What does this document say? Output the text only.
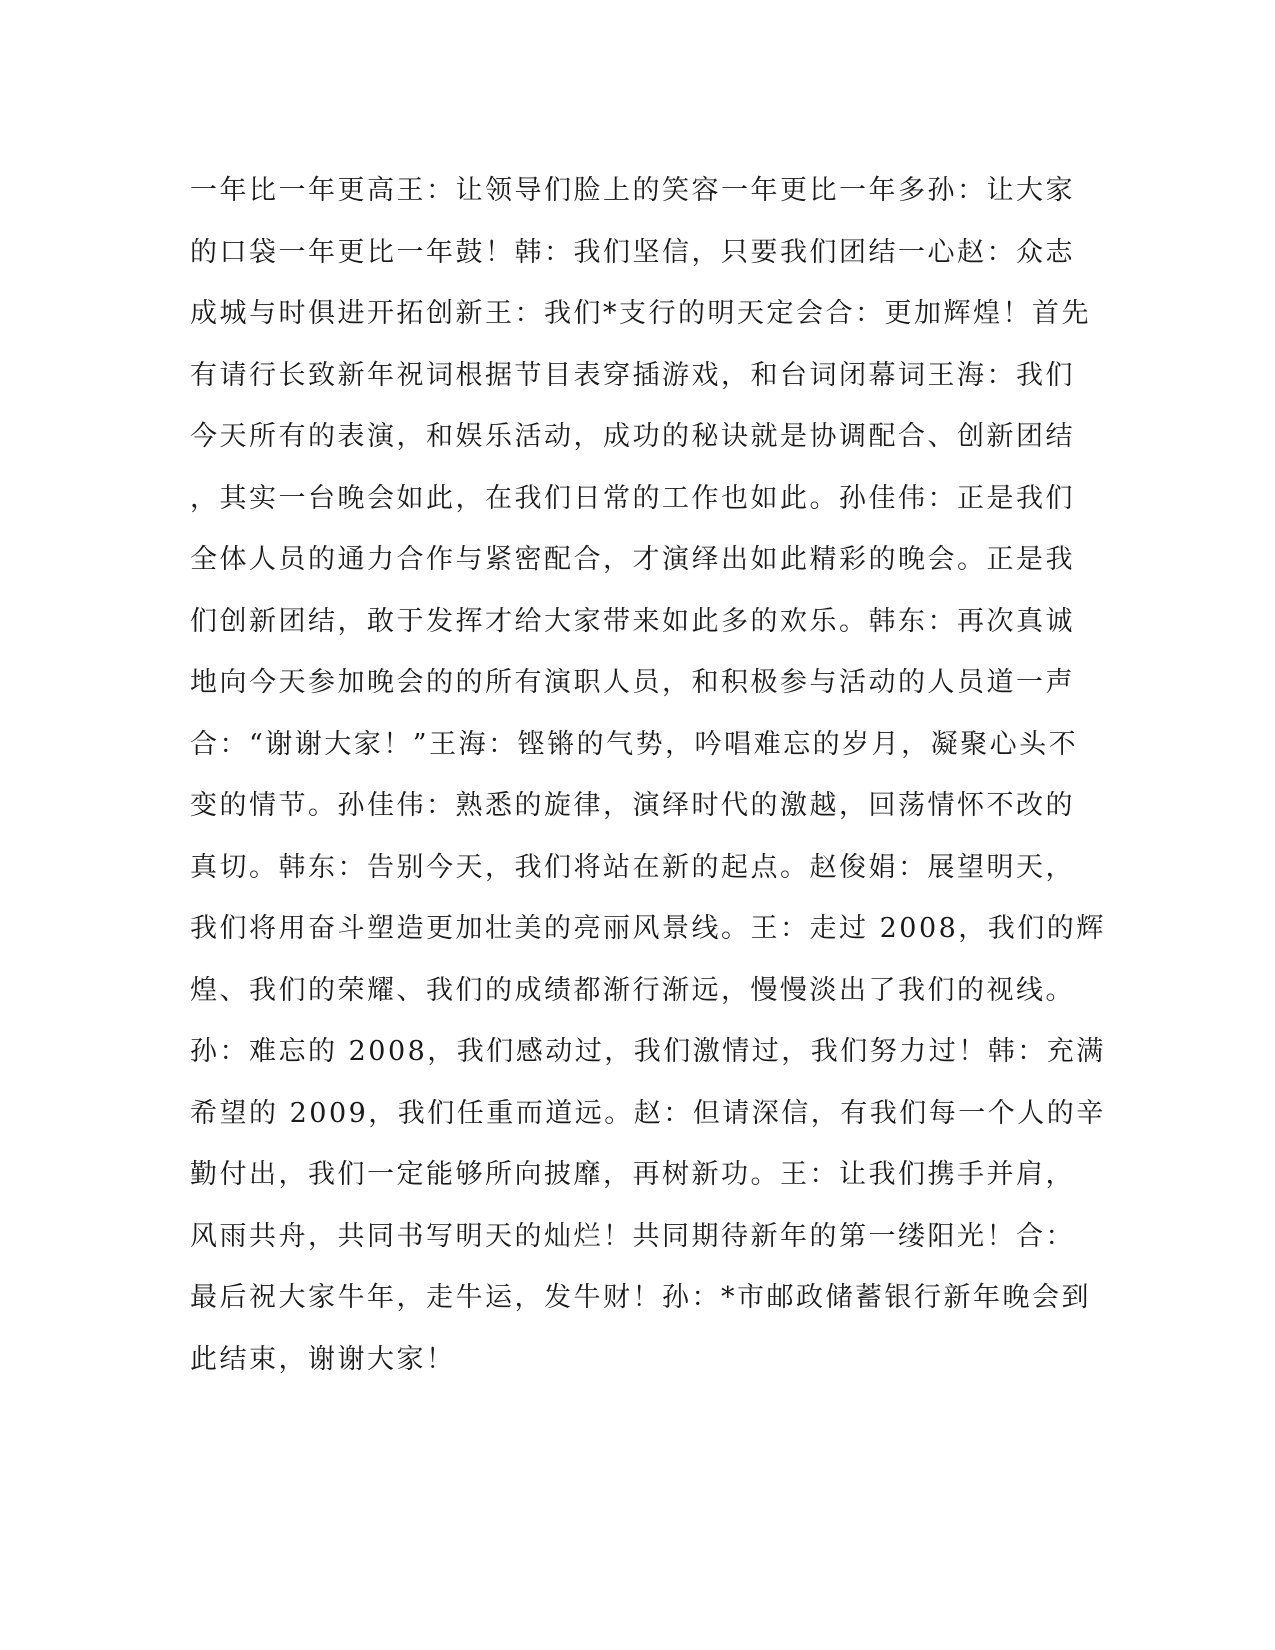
一年比一年更高王：让领导们脸上的笑容一年更比一年多孙：让大家
的口袋一年更比一年鼓！韩：我们坚信，只要我们团结一心赵：众志
成城与时俱进开拓创新王：我们*支行的明天定会合：更加辉煌！首先
有请行长致新年祝词根据节目表穿插游戏，和台词闭幕词王海：我们
今天所有的表演，和娱乐活动，成功的秘诀就是协调配合、创新团结
，其实一台晚会如此，在我们日常的工作也如此。孙佳伟：正是我们
全体人员的通力合作与紧密配合，才演绎出如此精彩的晚会。正是我
们创新团结，敢于发挥才给大家带来如此多的欢乐。韩东：再次真诚
地向今天参加晚会的的所有演职人员，和积极参与活动的人员道一声
合：“谢谢大家！”王海：铿锵的气势，吟唱难忘的岁月，凝聚心头不
变的情节。孙佳伟：熟悉的旋律，演绎时代的激越，回荡情怀不改的
真切。韩东：告别今天，我们将站在新的起点。赵俊娟：展望明天，
我们将用奋斗塑造更加壮美的亮丽风景线。王：走过 2008，我们的辉
煌、我们的荣耀、我们的成绩都渐行渐远，慢慢淡出了我们的视线。
孙：难忘的 2008，我们感动过，我们激情过，我们努力过！韩：充满
希望的 2009，我们任重而道远。赵：但请深信，有我们每一个人的辛
勤付出，我们一定能够所向披靡，再树新功。王：让我们携手并肩，
风雨共舟，共同书写明天的灿烂！共同期待新年的第一缕阳光！合：
最后祝大家牛年，走牛运，发牛财！孙：*市邮政储蓄银行新年晚会到
此结束，谢谢大家！
